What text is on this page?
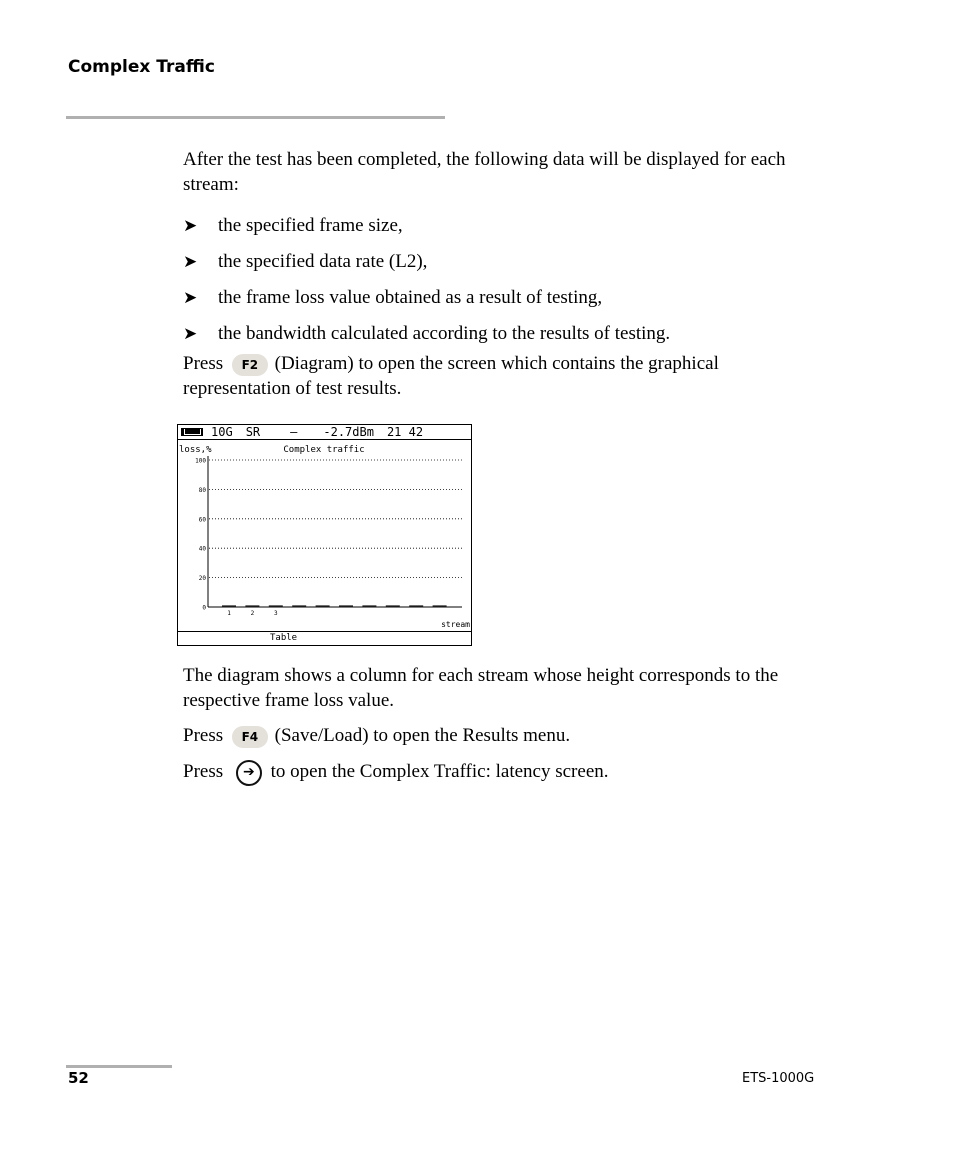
Complex Traffic
After the test has been completed, the following data will be displayed for each stream:
➤	the specified frame size,
➤	the specified data rate (L2),
➤	the frame loss value obtained as a result of testing,
➤	the bandwidth calculated according to the results of testing.
Press F2 (Diagram) to open the screen which contains the graphical representation of test results.
10G SR	– -2.7dBm 21 42
loss,%	Complex traffic
0
20
40
60
80
100
1	2	3
stream
Table
The diagram shows a column for each stream whose height corresponds to the respective frame loss value.
Press F4 (Save/Load) to open the Results menu.
Press ➔ to open the Complex Traffic: latency screen.
52	ETS-1000G
